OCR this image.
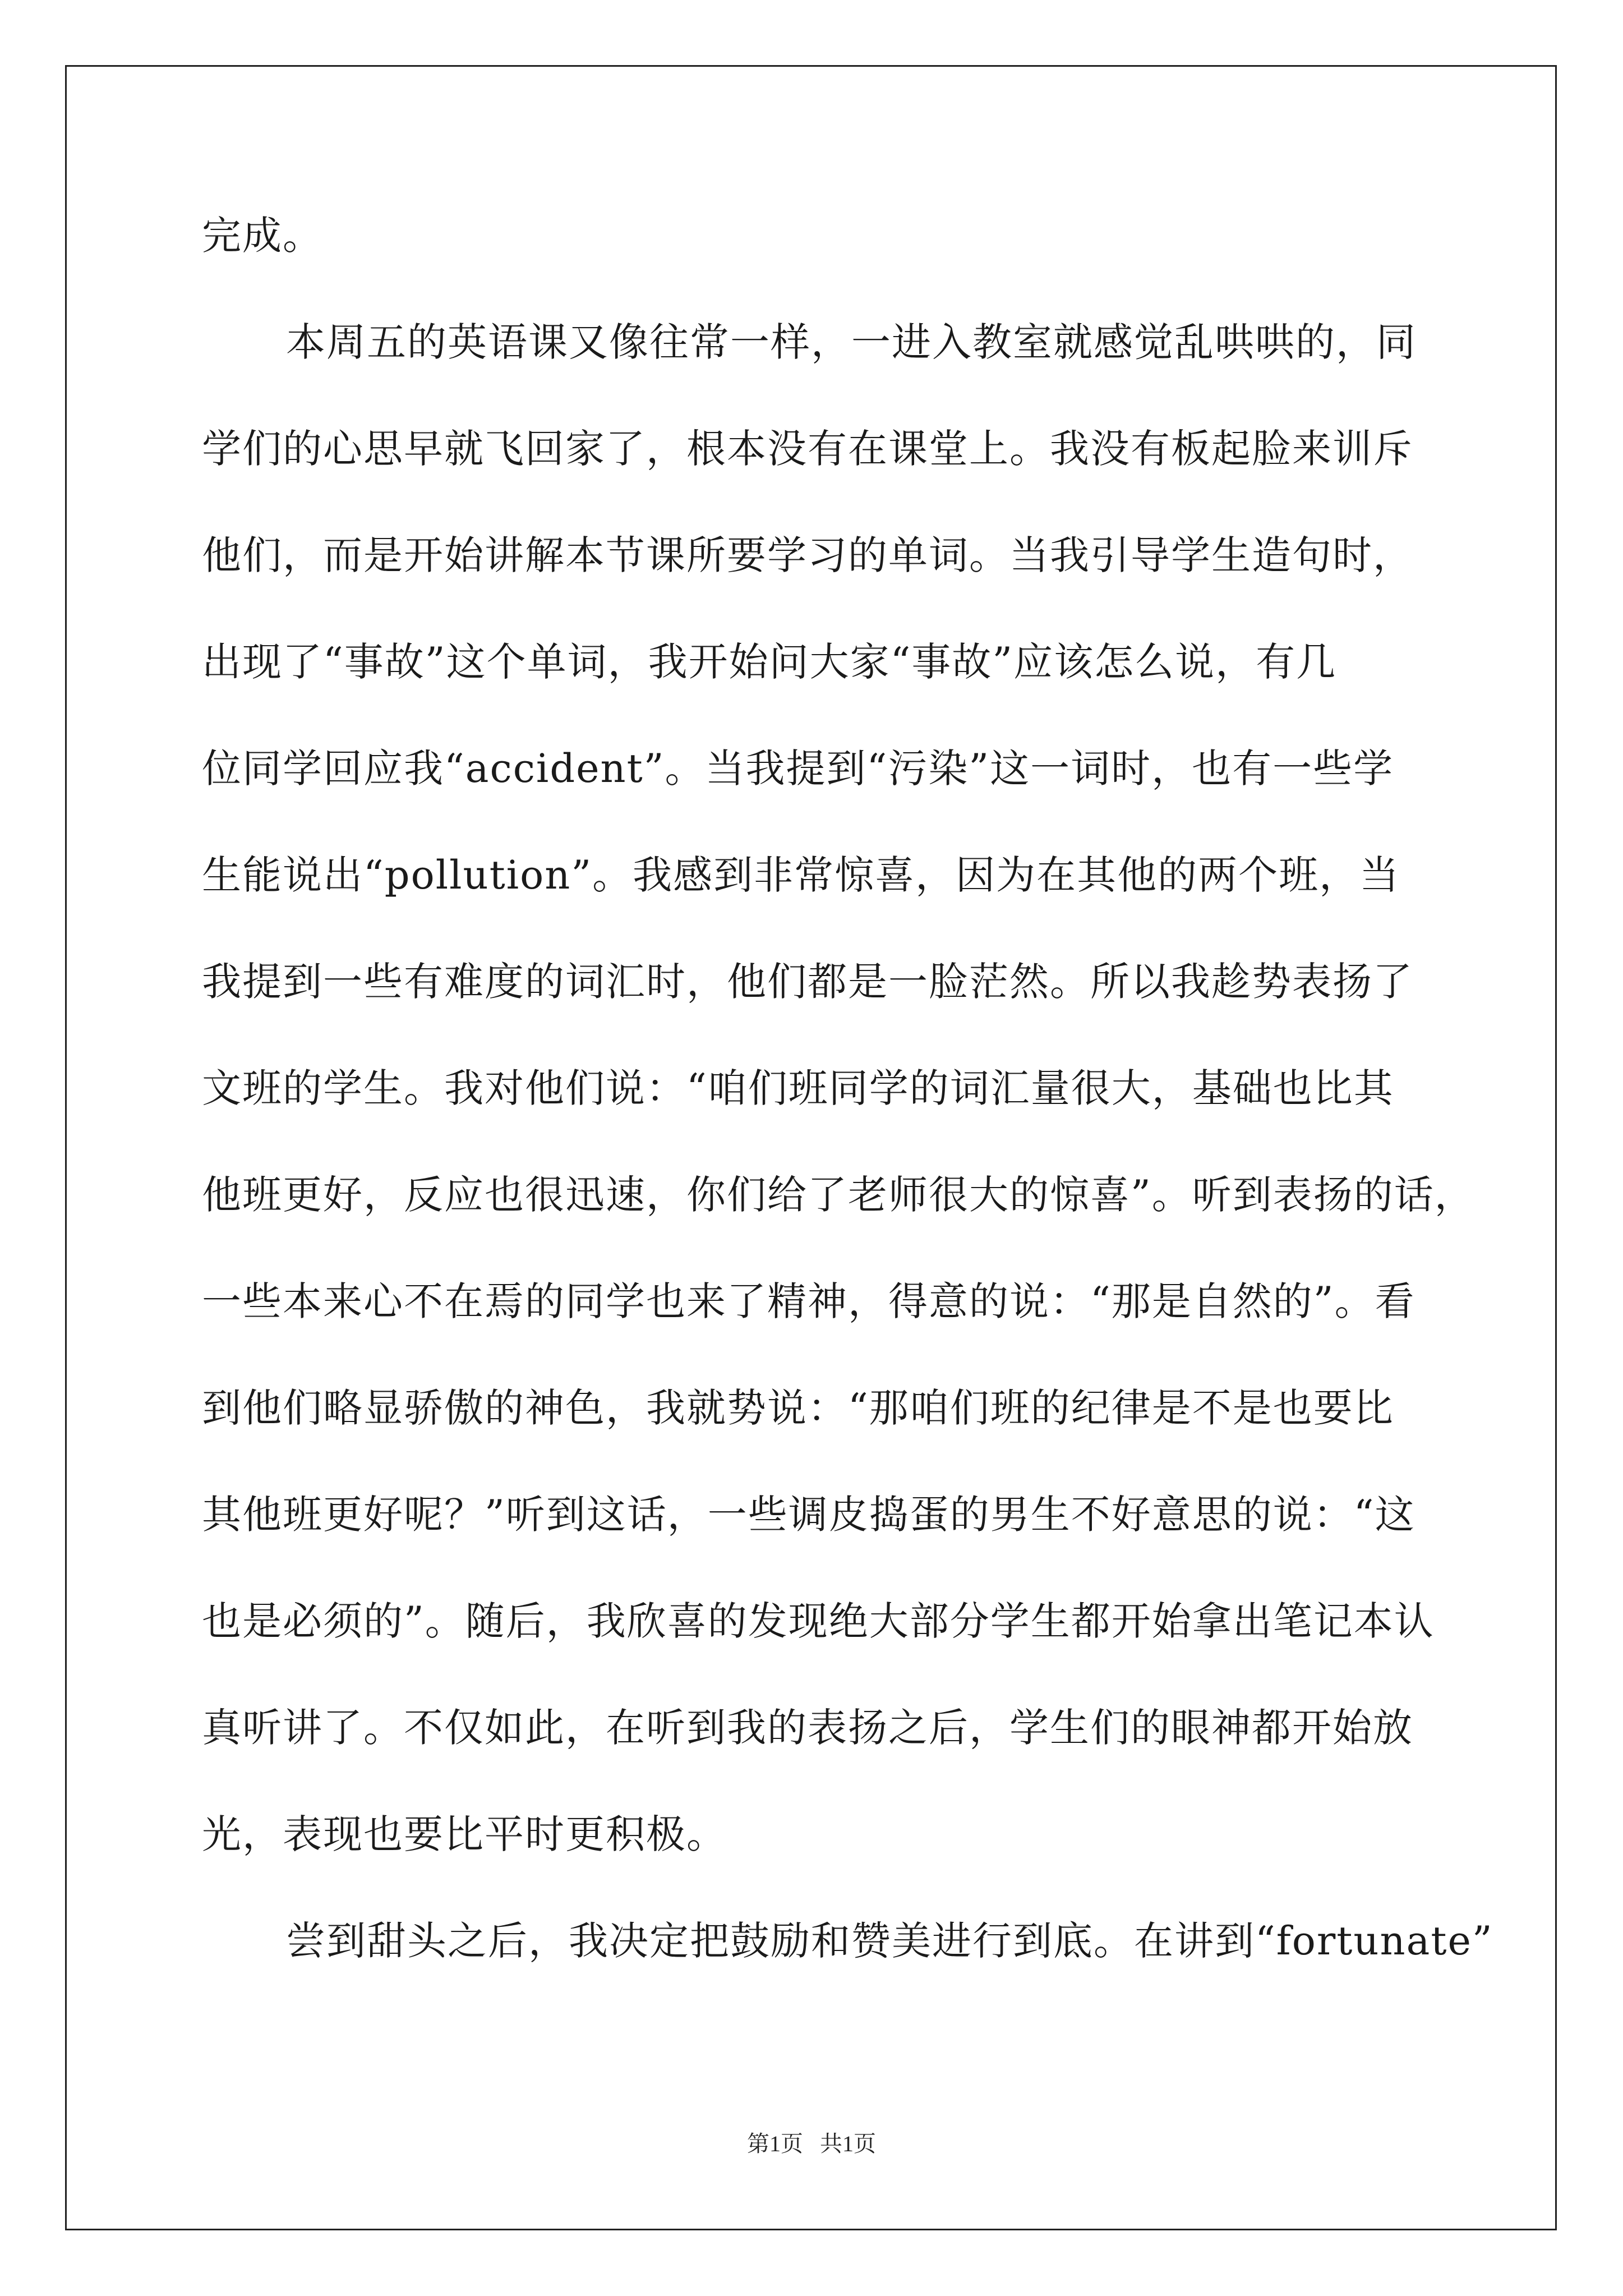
完成。
本周五的英语课又像往常一样，一进入教室就感觉乱哄哄的，同
学们的心思早就飞回家了，根本没有在课堂上。我没有板起脸来训斥
他们，而是开始讲解本节课所要学习的单词。当我引导学生造句时，
出现了“事故”这个单词，我开始问大家“事故”应该怎么说，有几
位同学回应我“accident”。当我提到“污染”这一词时，也有一些学
生能说出“pollution”。我感到非常惊喜，因为在其他的两个班，当
我提到一些有难度的词汇时，他们都是一脸茫然。所以我趁势表扬了
文班的学生。我对他们说：“咱们班同学的词汇量很大，基础也比其
他班更好，反应也很迅速，你们给了老师很大的惊喜”。听到表扬的话，
一些本来心不在焉的同学也来了精神，得意的说：“那是自然的”。看
到他们略显骄傲的神色，我就势说：“那咱们班的纪律是不是也要比
其他班更好呢？”听到这话，一些调皮捣蛋的男生不好意思的说：“这
也是必须的”。随后，我欣喜的发现绝大部分学生都开始拿出笔记本认
真听讲了。不仅如此，在听到我的表扬之后，学生们的眼神都开始放
光，表现也要比平时更积极。
尝到甜头之后，我决定把鼓励和赞美进行到底。在讲到“fortunate”
第1页   共1页
